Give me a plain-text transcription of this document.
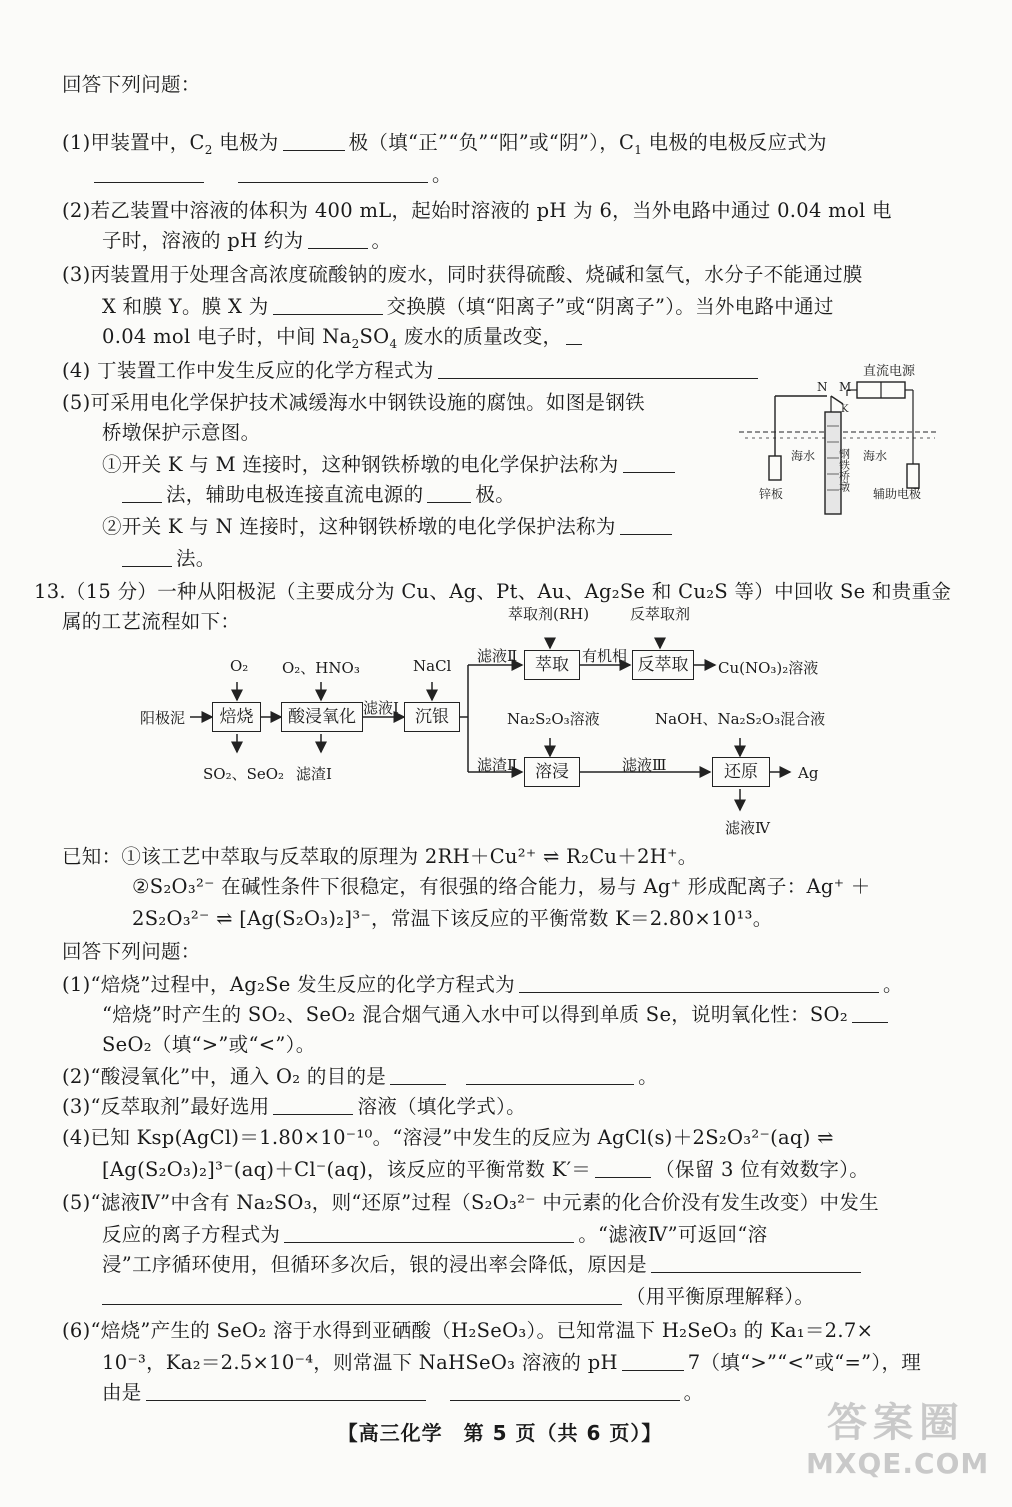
回答下列问题：
(1)甲装置中，$C_2$ 电极为	极（填“正”“负”“阳”或“阴”），$C_1$ 电极的电极反应式为
。
(2)若乙装置中溶液的体积为 400 mL，起始时溶液的 pH 为 6，当外电路中通过 0.04 mol 电
子时，溶液的 pH 约为	。
(3)丙装置用于处理含高浓度硫酸钠的废水，同时获得硫酸、烧碱和氢气，水分子不能通过膜
X 和膜 Y。膜 X 为	交换膜（填“阳离子”或“阴离子”）。当外电路中通过
0.04 mol 电子时，中间 $Na_2SO_4$ 废水的质量改变，
(4) 丁装置工作中发生反应的化学方程式为
(5)可采用电化学保护技术减缓海水中钢铁设施的腐蚀。如图是钢铁
桥墩保护示意图。
①开关 K 与 M 连接时，这种钢铁桥墩的电化学保护法称为
法，辅助电极连接直流电源的	极。
②开关 K 与 N 连接时，这种钢铁桥墩的电化学保护法称为
法。
直流电源
N M
K
海水	海水
钢铁桥墩
锌板	辅助电极
13.（15 分）一种从阳极泥（主要成分为 Cu、Ag、Pt、Au、Ag₂Se 和 Cu₂S 等）中回收 Se 和贵重金
属的工艺流程如下：
O₂ O₂、HNO₃	NaCl
萃取剂(RH)	反萃取剂
阳极泥	焙烧	酸浸氧化 滤液Ⅰ 沉银
滤液Ⅱ	萃取 有机相 反萃取	Cu(NO₃)₂溶液
Na₂S₂O₃溶液	NaOH、Na₂S₂O₃混合液
滤渣Ⅱ	溶浸	滤液Ⅲ	还原	Ag
SO₂、SeO₂ 滤渣Ⅰ
滤液Ⅳ
已知：①该工艺中萃取与反萃取的原理为 2RH＋Cu²⁺ ⇌ R₂Cu＋2H⁺。
②S₂O₃²⁻ 在碱性条件下很稳定，有很强的络合能力，易与 Ag⁺ 形成配离子：Ag⁺ ＋
2S₂O₃²⁻ ⇌ [Ag(S₂O₃)₂]³⁻，常温下该反应的平衡常数 K＝2.80×10¹³。
回答下列问题：
(1)“焙烧”过程中，Ag₂Se 发生反应的化学方程式为	。
“焙烧”时产生的 SO₂、SeO₂ 混合烟气通入水中可以得到单质 Se，说明氧化性：SO₂
SeO₂（填“>”或“<”）。
(2)“酸浸氧化”中，通入 O₂ 的目的是	。
(3)“反萃取剂”最好选用	溶液（填化学式）。
(4)已知 Ksp(AgCl)＝1.80×10⁻¹⁰。“溶浸”中发生的反应为 AgCl(s)＋2S₂O₃²⁻(aq) ⇌
[Ag(S₂O₃)₂]³⁻(aq)＋Cl⁻(aq)，该反应的平衡常数 K′＝	（保留 3 位有效数字）。
(5)“滤液Ⅳ”中含有 Na₂SO₃，则“还原”过程（S₂O₃²⁻ 中元素的化合价没有发生改变）中发生
反应的离子方程式为	。“滤液Ⅳ”可返回“溶
浸”工序循环使用，但循环多次后，银的浸出率会降低，原因是
（用平衡原理解释）。
(6)“焙烧”产生的 SeO₂ 溶于水得到亚硒酸（H₂SeO₃）。已知常温下 H₂SeO₃ 的 Ka₁＝2.7×
10⁻³，Ka₂＝2.5×10⁻⁴，则常温下 NaHSeO₃ 溶液的 pH	7（填“>”“<”或“=”），理
由是	。
【高三化学　第 5 页（共 6 页）】	答案圈
MXQE.COM
